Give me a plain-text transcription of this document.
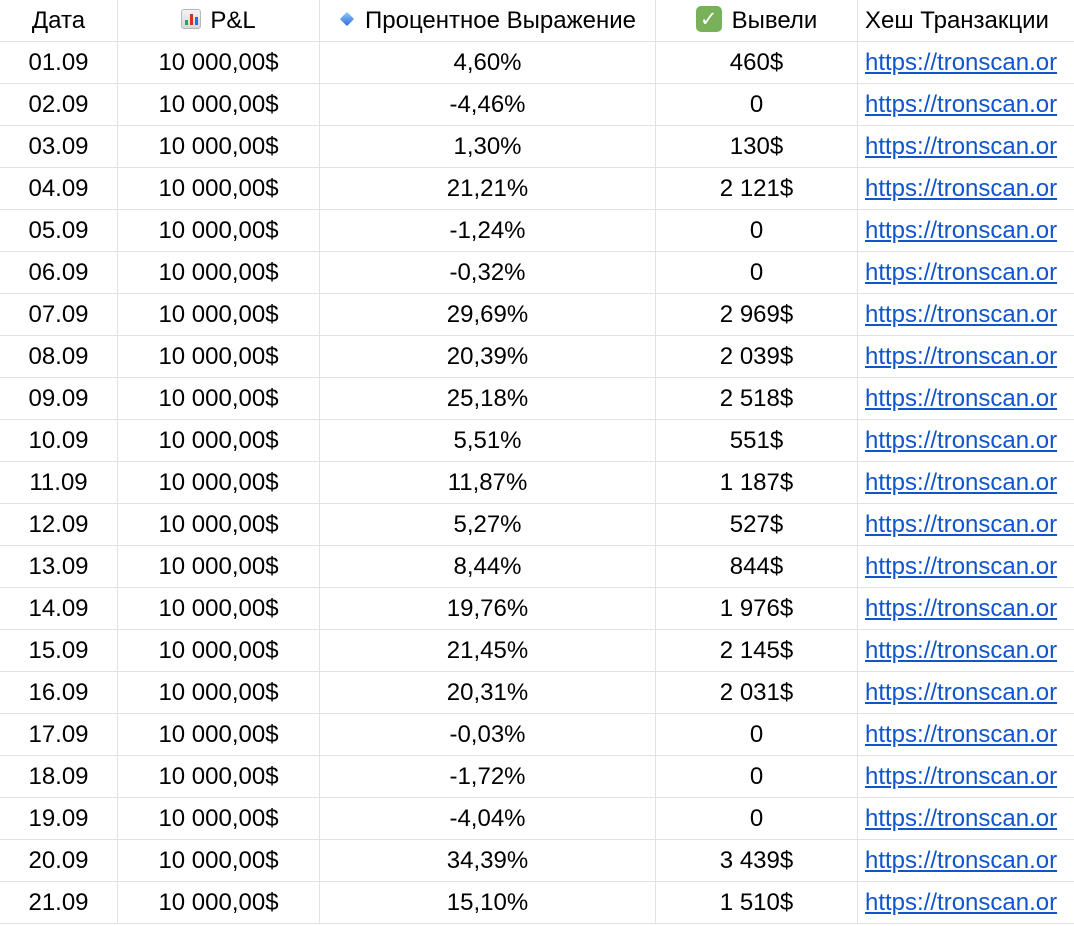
Дата	P&L	Процентное Выражение	✓ Вывели	Хеш Транзакции
01.09	10 000,00$	4,60%	460$	https://tronscan.or
02.09	10 000,00$	-4,46%	0	https://tronscan.or
03.09	10 000,00$	1,30%	130$	https://tronscan.or
04.09	10 000,00$	21,21%	2 121$	https://tronscan.or
05.09	10 000,00$	-1,24%	0	https://tronscan.or
06.09	10 000,00$	-0,32%	0	https://tronscan.or
07.09	10 000,00$	29,69%	2 969$	https://tronscan.or
08.09	10 000,00$	20,39%	2 039$	https://tronscan.or
09.09	10 000,00$	25,18%	2 518$	https://tronscan.or
10.09	10 000,00$	5,51%	551$	https://tronscan.or
11.09	10 000,00$	11,87%	1 187$	https://tronscan.or
12.09	10 000,00$	5,27%	527$	https://tronscan.or
13.09	10 000,00$	8,44%	844$	https://tronscan.or
14.09	10 000,00$	19,76%	1 976$	https://tronscan.or
15.09	10 000,00$	21,45%	2 145$	https://tronscan.or
16.09	10 000,00$	20,31%	2 031$	https://tronscan.or
17.09	10 000,00$	-0,03%	0	https://tronscan.or
18.09	10 000,00$	-1,72%	0	https://tronscan.or
19.09	10 000,00$	-4,04%	0	https://tronscan.or
20.09	10 000,00$	34,39%	3 439$	https://tronscan.or
21.09	10 000,00$	15,10%	1 510$	https://tronscan.or
